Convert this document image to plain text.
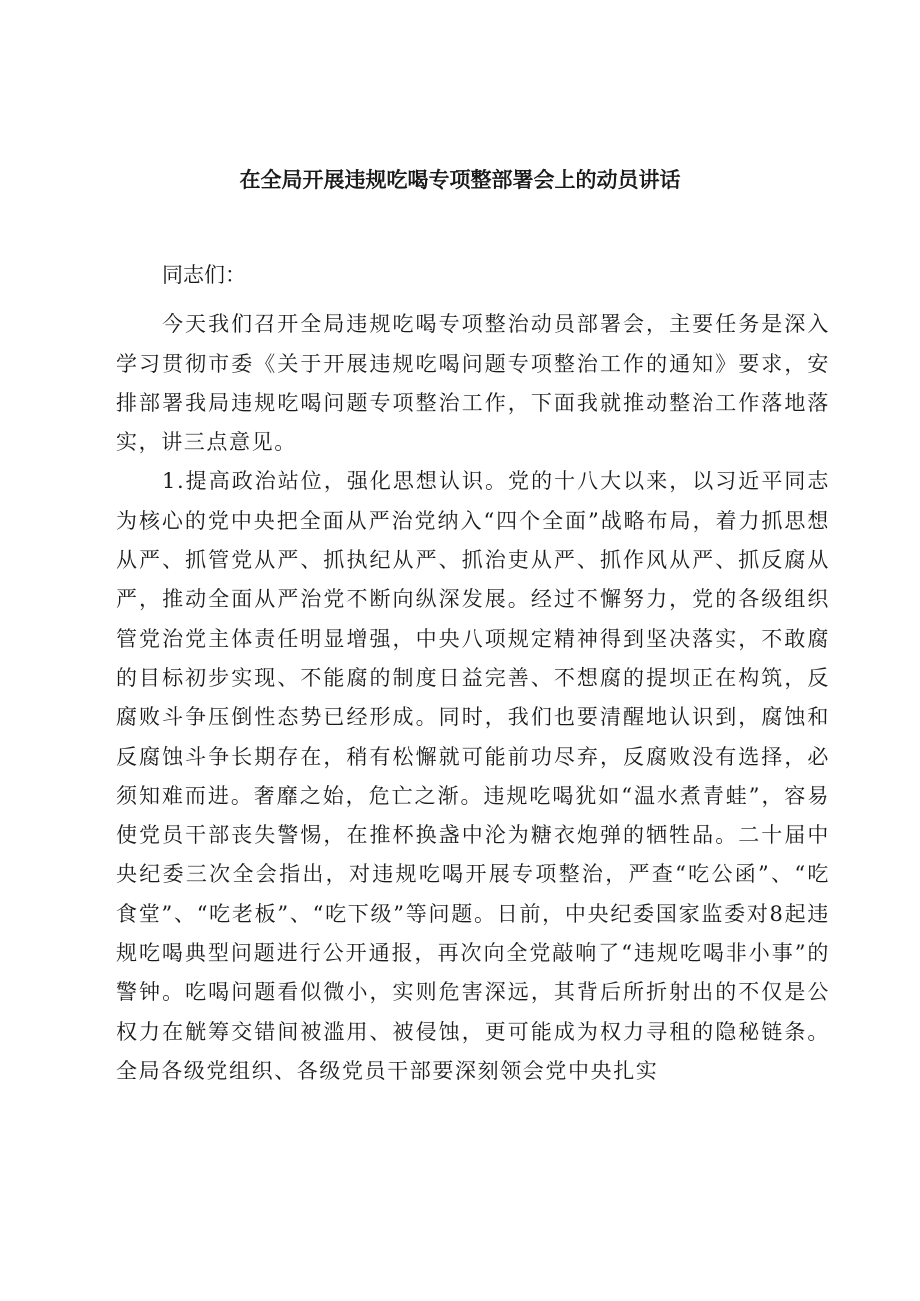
在全局开展违规吃喝专项整部署会上的动员讲话

同志们：

今天我们召开全局违规吃喝专项整治动员部署会，主要任务是深入学习贯彻市委《关于开展违规吃喝问题专项整治工作的通知》要求，安排部署我局违规吃喝问题专项整治工作，下面我就推动整治工作落地落实，讲三点意见。

1.提高政治站位，强化思想认识。党的十八大以来，以习近平同志为核心的党中央把全面从严治党纳入“四个全面”战略布局，着力抓思想从严、抓管党从严、抓执纪从严、抓治吏从严、抓作风从严、抓反腐从严，推动全面从严治党不断向纵深发展。经过不懈努力，党的各级组织管党治党主体责任明显增强，中央八项规定精神得到坚决落实，不敢腐的目标初步实现、不能腐的制度日益完善、不想腐的提坝正在构筑，反腐败斗争压倒性态势已经形成。同时，我们也要清醒地认识到，腐蚀和反腐蚀斗争长期存在，稍有松懈就可能前功尽弃，反腐败没有选择，必须知难而进。奢靡之始，危亡之渐。违规吃喝犹如“温水煮青蛙”，容易使党员干部丧失警惕，在推杯换盏中沦为糖衣炮弹的牺牲品。二十届中央纪委三次全会指出，对违规吃喝开展专项整治，严查“吃公函”、“吃食堂”、“吃老板”、“吃下级”等问题。日前，中央纪委国家监委对8起违规吃喝典型问题进行公开通报，再次向全党敲响了“违规吃喝非小事”的警钟。吃喝问题看似微小，实则危害深远，其背后所折射出的不仅是公权力在觥筹交错间被滥用、被侵蚀，更可能成为权力寻租的隐秘链条。全局各级党组织、各级党员干部要深刻领会党中央扎实
